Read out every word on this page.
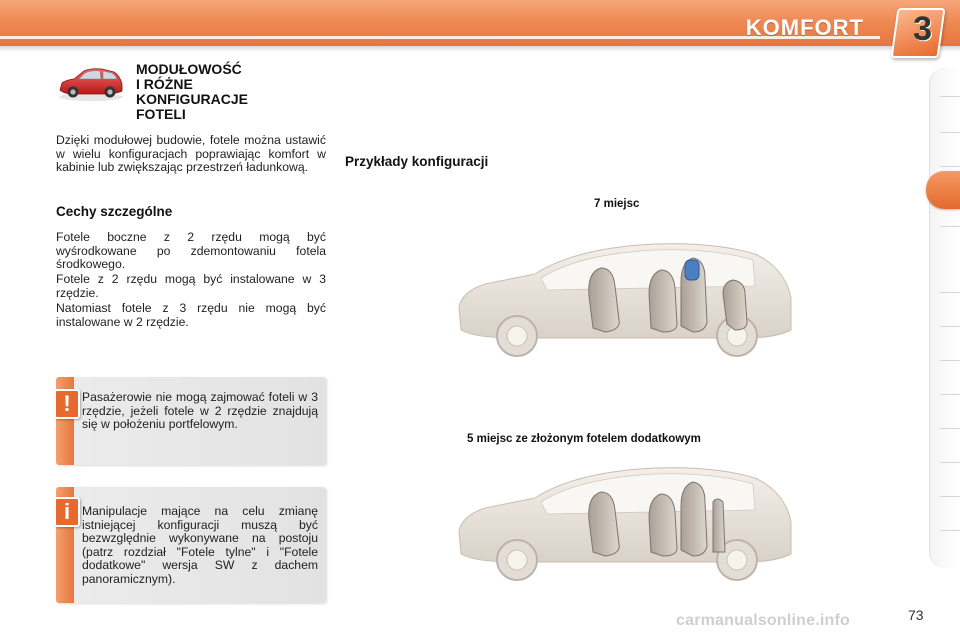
KOMFORT 3
MODUŁOWOŚĆ
I RÓŻNE
KONFIGURACJE
FOTELI
Dzięki modułowej budowie, fotele można ustawić w wielu konfiguracjach poprawiając komfort w kabinie lub zwiększając przestrzeń ładunkową.
Cechy szczególne
Fotele boczne z 2 rzędu mogą być wyśrodkowane po zdemontowaniu fotela środkowego.
Fotele z 2 rzędu mogą być instalowane w 3 rzędzie.
Natomiast fotele z 3 rzędu nie mogą być instalowane w 2 rzędzie.
! Pasażerowie nie mogą zajmować foteli w 3 rzędzie, jeżeli fotele w 2 rzędzie znajdują się w położeniu portfelowym.
i Manipulacje mające na celu zmianę istniejącej konfiguracji muszą być bezwzględnie wykonywane na postoju (patrz rozdział "Fotele tylne" i "Fotele dodatkowe" wersja SW z dachem panoramicznym).
Przykłady konfiguracji
7 miejsc
5 miejsc ze złożonym fotelem dodatkowym
carmanualsonline.info	73
